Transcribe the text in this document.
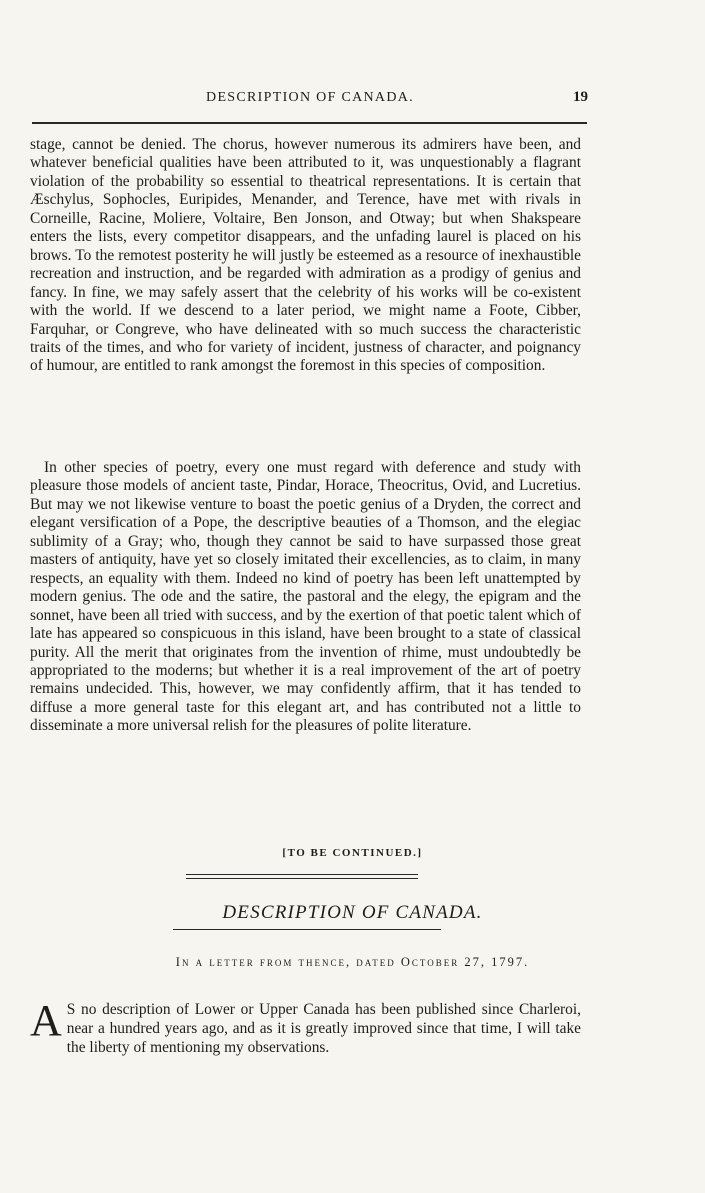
DESCRIPTION OF CANADA.	19

stage, cannot be denied. The chorus, however numerous its admirers have been, and whatever beneficial qualities have been attributed to it, was unquestionably a flagrant violation of the probability so essential to theatrical representations. It is certain that Æschylus, Sophocles, Euripides, Menander, and Terence, have met with rivals in Corneille, Racine, Moliere, Voltaire, Ben Jonson, and Otway; but when Shakspeare enters the lists, every competitor disappears, and the unfading laurel is placed on his brows. To the remotest posterity he will justly be esteemed as a resource of inexhaustible recreation and instruction, and be regarded with admiration as a prodigy of genius and fancy. In fine, we may safely assert that the celebrity of his works will be co-existent with the world. If we descend to a later period, we might name a Foote, Cibber, Farquhar, or Congreve, who have delineated with so much success the characteristic traits of the times, and who for variety of incident, justness of character, and poignancy of humour, are entitled to rank amongst the foremost in this species of composition.

In other species of poetry, every one must regard with deference and study with pleasure those models of ancient taste, Pindar, Horace, Theocritus, Ovid, and Lucretius. But may we not likewise venture to boast the poetic genius of a Dryden, the correct and elegant versification of a Pope, the descriptive beauties of a Thomson, and the elegiac sublimity of a Gray; who, though they cannot be said to have surpassed those great masters of antiquity, have yet so closely imitated their excellencies, as to claim, in many respects, an equality with them. Indeed no kind of poetry has been left unattempted by modern genius. The ode and the satire, the pastoral and the elegy, the epigram and the sonnet, have been all tried with success, and by the exertion of that poetic talent which of late has appeared so conspicuous in this island, have been brought to a state of classical purity. All the merit that originates from the invention of rhime, must undoubtedly be appropriated to the moderns; but whether it is a real improvement of the art of poetry remains undecided. This, however, we may confidently affirm, that it has tended to diffuse a more general taste for this elegant art, and has contributed not a little to disseminate a more universal relish for the pleasures of polite literature.

[TO BE CONTINUED.]
DESCRIPTION OF CANADA.
In a letter from thence, dated October 27, 1797.
A S no description of Lower or Upper Canada has been published since Charleroi, near a hundred years ago, and as it is greatly improved since that time, I will take the liberty of mentioning my observations.
